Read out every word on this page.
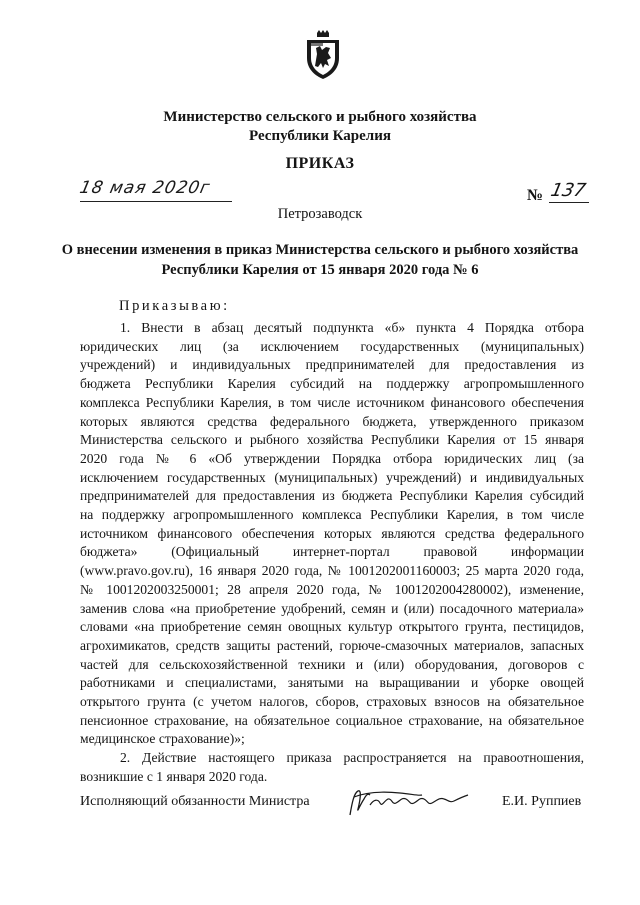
Министерство сельского и рыбного хозяйства
Республики Карелия
ПРИКАЗ
18 мая 2020г	№ 137
Петрозаводск
О внесении изменения в приказ Министерства сельского и рыбного хозяйства
Республики Карелия от 15 января 2020 года № 6
Приказываю:
1. Внести в абзац десятый подпункта «б» пункта 4 Порядка отбора
юридических лиц (за исключением государственных (муниципальных)
учреждений) и индивидуальных предпринимателей для предоставления из
бюджета Республики Карелия субсидий на поддержку агропромышленного
комплекса Республики Карелия, в том числе источником финансового обеспечения
которых являются средства федерального бюджета, утвержденного приказом
Министерства сельского и рыбного хозяйства Республики Карелия от 15 января
2020 года № 6 «Об утверждении Порядка отбора юридических лиц (за
исключением государственных (муниципальных) учреждений) и индивидуальных
предпринимателей для предоставления из бюджета Республики Карелия субсидий
на поддержку агропромышленного комплекса Республики Карелия, в том числе
источником финансового обеспечения которых являются средства федерального
бюджета» (Официальный интернет-портал правовой информации
(www.pravo.gov.ru), 16 января 2020 года, № 1001202001160003; 25 марта 2020 года,
№ 1001202003250001; 28 апреля 2020 года, № 1001202004280002), изменение,
заменив слова «на приобретение удобрений, семян и (или) посадочного материала»
словами «на приобретение семян овощных культур открытого грунта, пестицидов,
агрохимикатов, средств защиты растений, горюче-смазочных материалов, запасных
частей для сельскохозяйственной техники и (или) оборудования, договоров с
работниками и специалистами, занятыми на выращивании и уборке овощей
открытого грунта (с учетом налогов, сборов, страховых взносов на обязательное
пенсионное страхование, на обязательное социальное страхование, на обязательное
медицинское страхование)»;
2. Действие настоящего приказа распространяется на правоотношения,
возникшие с 1 января 2020 года.
Исполняющий обязанности Министра	Е.И. Руппиев
